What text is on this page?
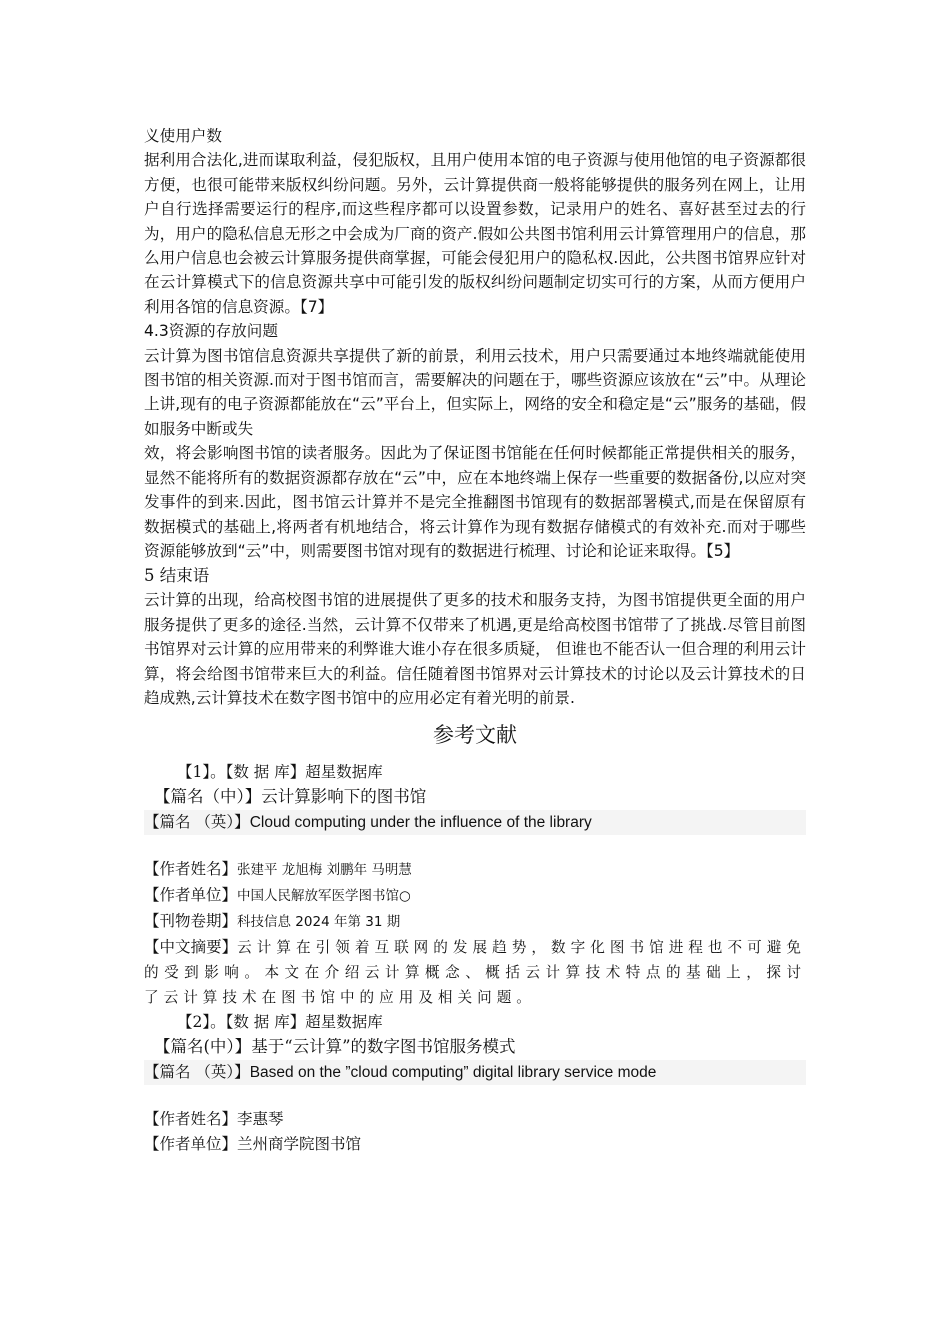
义使用户数

据利用合法化,进而谋取利益，侵犯版权，且用户使用本馆的电子资源与使用他馆的电子资源都很方便，也很可能带来版权纠纷问题。另外，云计算提供商一般将能够提供的服务列在网上，让用户自行选择需要运行的程序,而这些程序都可以设置参数，记录用户的姓名、喜好甚至过去的行为，用户的隐私信息无形之中会成为厂商的资产.假如公共图书馆利用云计算管理用户的信息，那么用户信息也会被云计算服务提供商掌握，可能会侵犯用户的隐私权.因此，公共图书馆界应针对在云计算模式下的信息资源共享中可能引发的版权纠纷问题制定切实可行的方案，从而方便用户利用各馆的信息资源。【7】

4.3资源的存放问题

云计算为图书馆信息资源共享提供了新的前景，利用云技术，用户只需要通过本地终端就能使用图书馆的相关资源.而对于图书馆而言，需要解决的问题在于，哪些资源应该放在“云”中。从理论上讲,现有的电子资源都能放在“云”平台上，但实际上，网络的安全和稳定是“云”服务的基础，假如服务中断或失

效，将会影响图书馆的读者服务。因此为了保证图书馆能在任何时候都能正常提供相关的服务，显然不能将所有的数据资源都存放在“云”中，应在本地终端上保存一些重要的数据备份,以应对突发事件的到来.因此，图书馆云计算并不是完全推翻图书馆现有的数据部署模式,而是在保留原有数据模式的基础上,将两者有机地结合，将云计算作为现有数据存储模式的有效补充.而对于哪些资源能够放到“云”中，则需要图书馆对现有的数据进行梳理、讨论和论证来取得。【5】

5 结束语

云计算的出现，给高校图书馆的进展提供了更多的技术和服务支持，为图书馆提供更全面的用户服务提供了更多的途径.当然，云计算不仅带来了机遇,更是给高校图书馆带了了挑战.尽管目前图书馆界对云计算的应用带来的利弊谁大谁小存在很多质疑， 但谁也不能否认一但合理的利用云计算，将会给图书馆带来巨大的利益。信任随着图书馆界对云计算技术的讨论以及云计算技术的日趋成熟,云计算技术在数字图书馆中的应用必定有着光明的前景.

参考文献

【1】。【数 据 库】超星数据库

【篇名（中）】云计算影响下的图书馆

【篇名 （英）】Cloud computing under the influence of the library

【作者姓名】张建平 龙旭梅 刘鹏年 马明慧

【作者单位】中国人民解放军医学图书馆○

【刊物卷期】科技信息 2024 年第 31 期

【中文摘要】云计算在引领着互联网的发展趋势，数字化图书馆进程也不可避免的受到影响。本文在介绍云计算概念、概括云计算技术特点的基础上，探讨了云计算技术在图书馆中的应用及相关问题。

【2】。【数 据 库】超星数据库

【篇名(中）】基于“云计算”的数字图书馆服务模式

【篇名 （英）】Based on the ”cloud computing” digital library service mode

【作者姓名】李惠琴

【作者单位】兰州商学院图书馆
